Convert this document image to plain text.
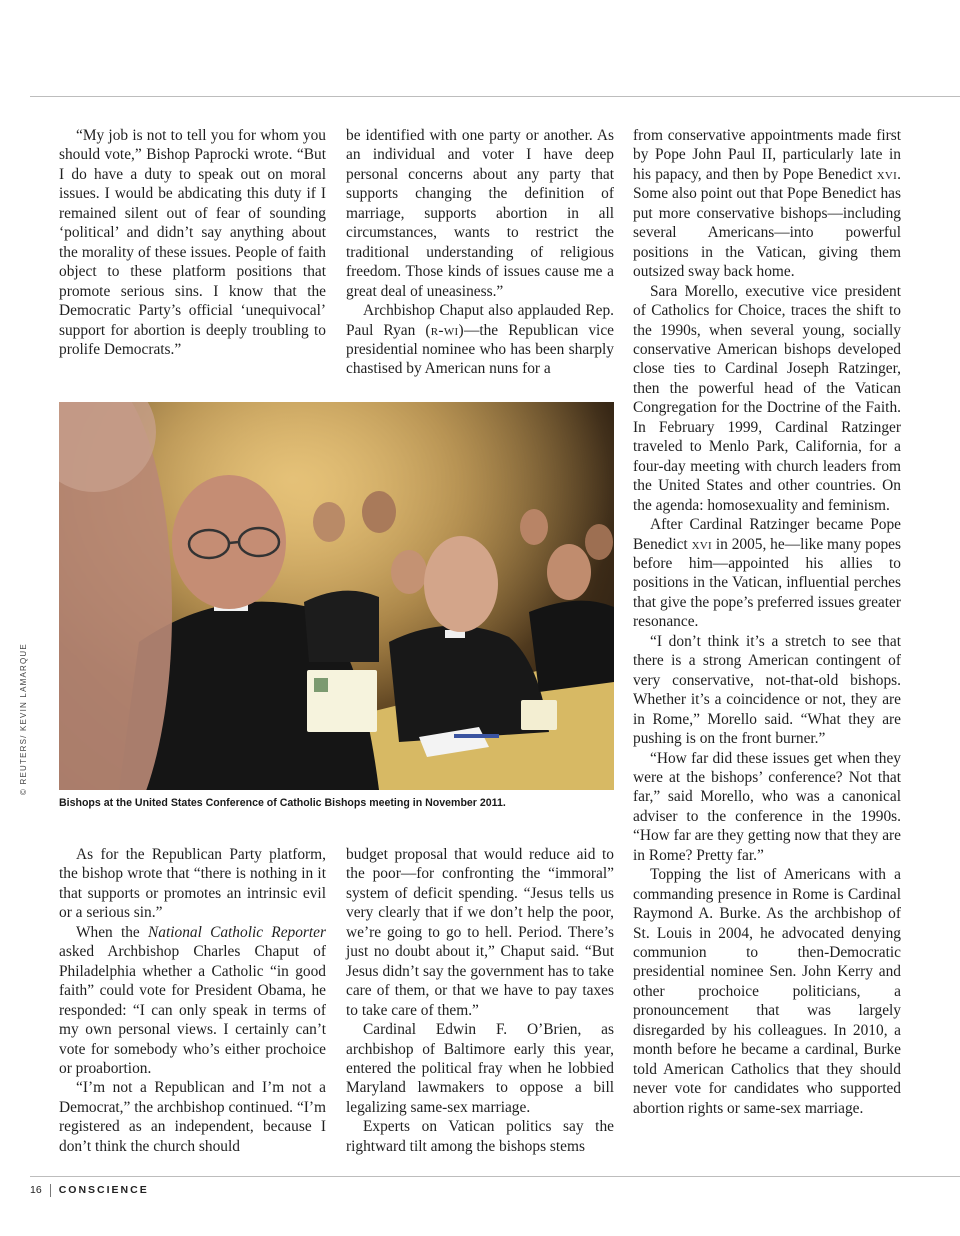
“My job is not to tell you for whom you should vote,” Bishop Paprocki wrote. “But I do have a duty to speak out on moral issues. I would be abdicating this duty if I remained silent out of fear of sounding ‘political’ and didn’t say anything about the morality of these issues. People of faith object to these platform positions that promote serious sins. I know that the Democratic Party’s official ‘unequivocal’ support for abortion is deeply troubling to prolife Democrats.”

be identified with one party or another. As an individual and voter I have deep personal concerns about any party that supports changing the definition of marriage, supports abortion in all circumstances, wants to restrict the traditional understanding of religious freedom. Those kinds of issues cause me a great deal of uneasiness.”

Archbishop Chaput also applauded Rep. Paul Ryan (r-wi)—the Republican vice presidential nominee who has been sharply chastised by American nuns for a

© REUTERS/ KEVIN LAMARQUE
Bishops at the United States Conference of Catholic Bishops meeting in November 2011.

As for the Republican Party platform, the bishop wrote that “there is nothing in it that supports or promotes an intrinsic evil or a serious sin.”

When the National Catholic Reporter asked Archbishop Charles Chaput of Philadelphia whether a Catholic “in good faith” could vote for President Obama, he responded: “I can only speak in terms of my own personal views. I certainly can’t vote for somebody who’s either prochoice or proabortion.

“I’m not a Republican and I’m not a Democrat,” the archbishop continued. “I’m registered as an independent, because I don’t think the church should

budget proposal that would reduce aid to the poor—for confronting the “immoral” system of deficit spending. “Jesus tells us very clearly that if we don’t help the poor, we’re going to go to hell. Period. There’s just no doubt about it,” Chaput said. “But Jesus didn’t say the government has to take care of them, or that we have to pay taxes to take care of them.”

Cardinal Edwin F. O’Brien, as archbishop of Baltimore early this year, entered the political fray when he lobbied Maryland lawmakers to oppose a bill legalizing same-sex marriage.

Experts on Vatican politics say the rightward tilt among the bishops stems

from conservative appointments made first by Pope John Paul II, particularly late in his papacy, and then by Pope Benedict xvi. Some also point out that Pope Benedict has put more conservative bishops—including several Americans—into powerful positions in the Vatican, giving them outsized sway back home.

Sara Morello, executive vice president of Catholics for Choice, traces the shift to the 1990s, when several young, socially conservative American bishops developed close ties to Cardinal Joseph Ratzinger, then the powerful head of the Vatican Congregation for the Doctrine of the Faith. In February 1999, Cardinal Ratzinger traveled to Menlo Park, California, for a four-day meeting with church leaders from the United States and other countries. On the agenda: homosexuality and feminism.

After Cardinal Ratzinger became Pope Benedict xvi in 2005, he—like many popes before him—appointed his allies to positions in the Vatican, influential perches that give the pope’s preferred issues greater resonance.

“I don’t think it’s a stretch to see that there is a strong American contingent of very conservative, not-that-old bishops. Whether it’s a coincidence or not, they are in Rome,” Morello said. “What they are pushing is on the front burner.”

“How far did these issues get when they were at the bishops’ conference? Not that far,” said Morello, who was a canonical adviser to the conference in the 1990s. “How far are they getting now that they are in Rome? Pretty far.”

Topping the list of Americans with a commanding presence in Rome is Cardinal Raymond A. Burke. As the archbishop of St. Louis in 2004, he advocated denying communion to then-Democratic presidential nominee Sen. John Kerry and other prochoice politicians, a pronouncement that was largely disregarded by his colleagues. In 2010, a month before he became a cardinal, Burke told American Catholics that they should never vote for candidates who supported abortion rights or same-sex marriage.

16	CONSCIENCE
